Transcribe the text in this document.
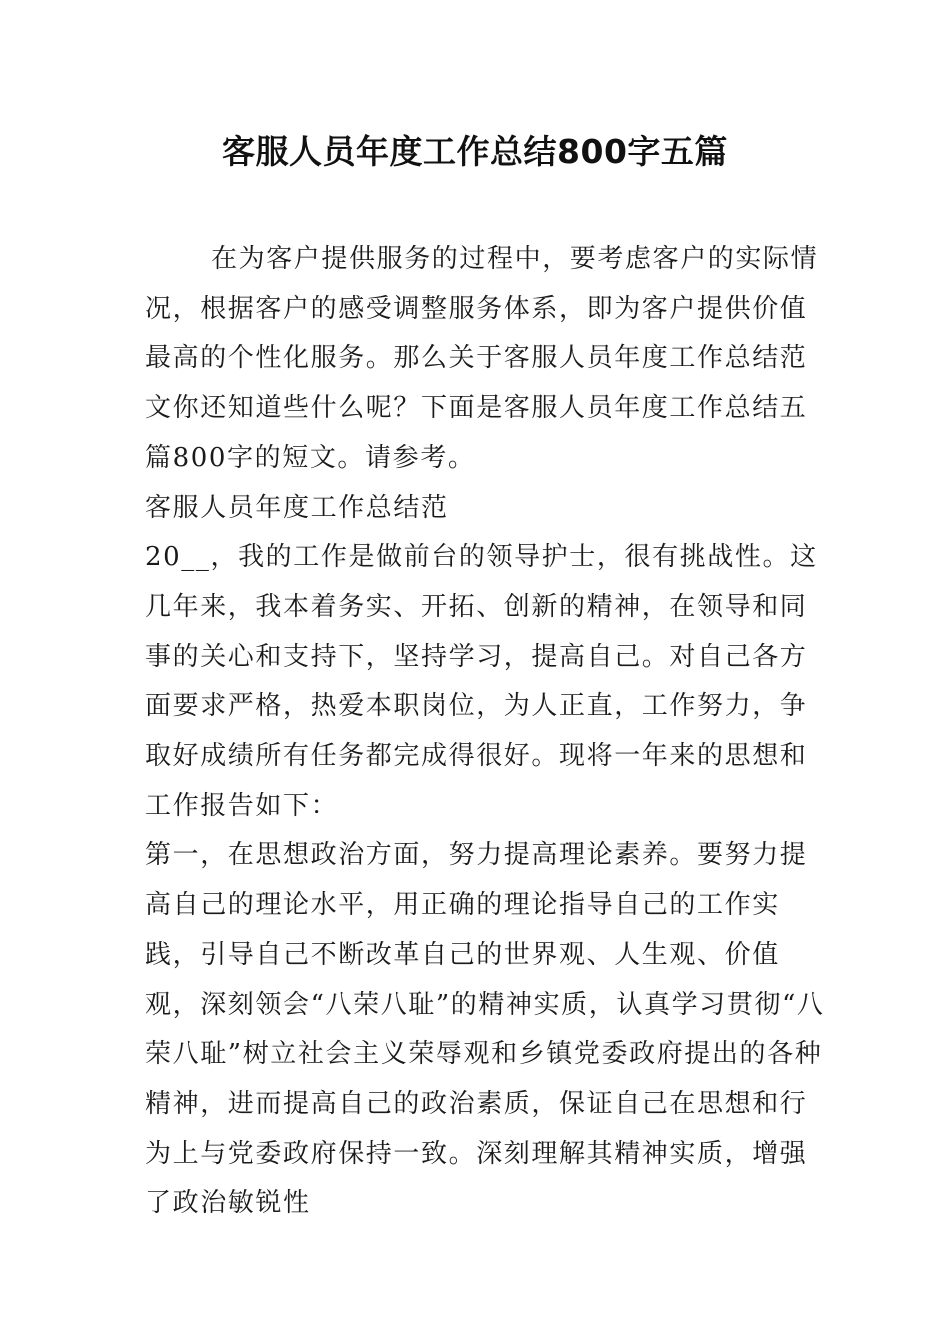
客服人员年度工作总结800字五篇

在为客户提供服务的过程中，要考虑客户的实际情况，根据客户的感受调整服务体系，即为客户提供价值最高的个性化服务。那么关于客服人员年度工作总结范文你还知道些什么呢？下面是客服人员年度工作总结五篇800字的短文。请参考。

客服人员年度工作总结范

20__，我的工作是做前台的领导护士，很有挑战性。这几年来，我本着务实、开拓、创新的精神，在领导和同事的关心和支持下，坚持学习，提高自己。对自己各方面要求严格，热爱本职岗位，为人正直，工作努力，争取好成绩所有任务都完成得很好。现将一年来的思想和工作报告如下：

第一，在思想政治方面，努力提高理论素养。要努力提高自己的理论水平，用正确的理论指导自己的工作实践，引导自己不断改革自己的世界观、人生观、价值观，深刻领会“八荣八耻”的精神实质，认真学习贯彻“八荣八耻”树立社会主义荣辱观和乡镇党委政府提出的各种精神，进而提高自己的政治素质，保证自己在思想和行为上与党委政府保持一致。深刻理解其精神实质，增强了政治敏锐性
